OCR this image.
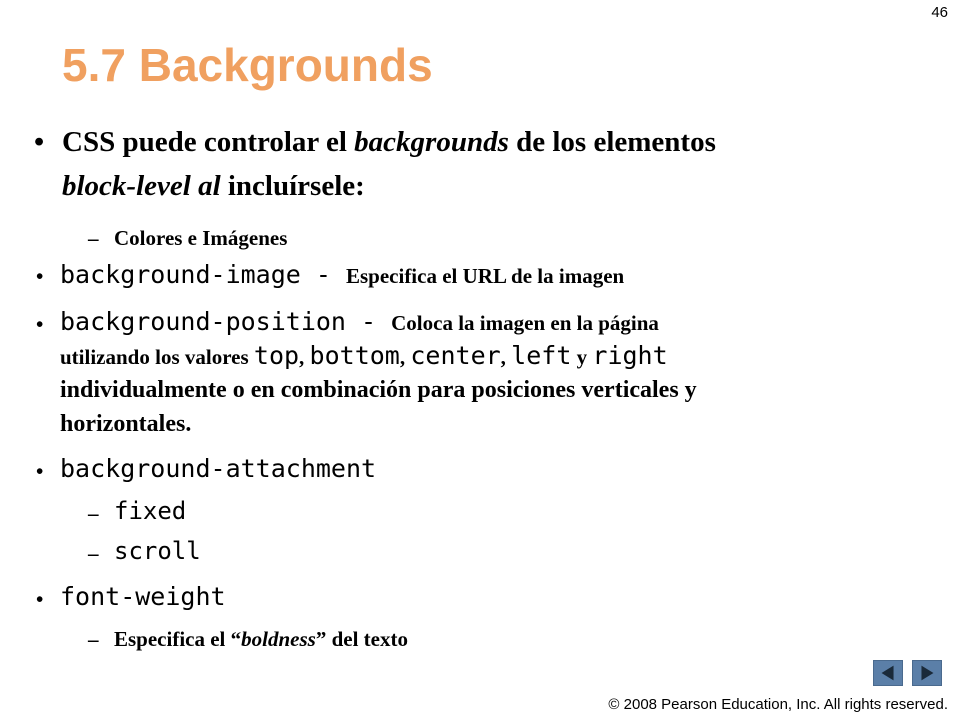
46
5.7 Backgrounds
• CSS puede controlar el backgrounds de los elementos
block-level al incluírsele:
– Colores e Imágenes
• background-image - Especifica el URL de la imagen
• background-position - Coloca la imagen en la página
utilizando los valores top, bottom, center, left y right
individualmente o en combinación para posiciones verticales y
horizontales.
• background-attachment
– fixed
– scroll
• font-weight
– Especifica el “boldness” del texto
© 2008 Pearson Education, Inc. All rights reserved.
